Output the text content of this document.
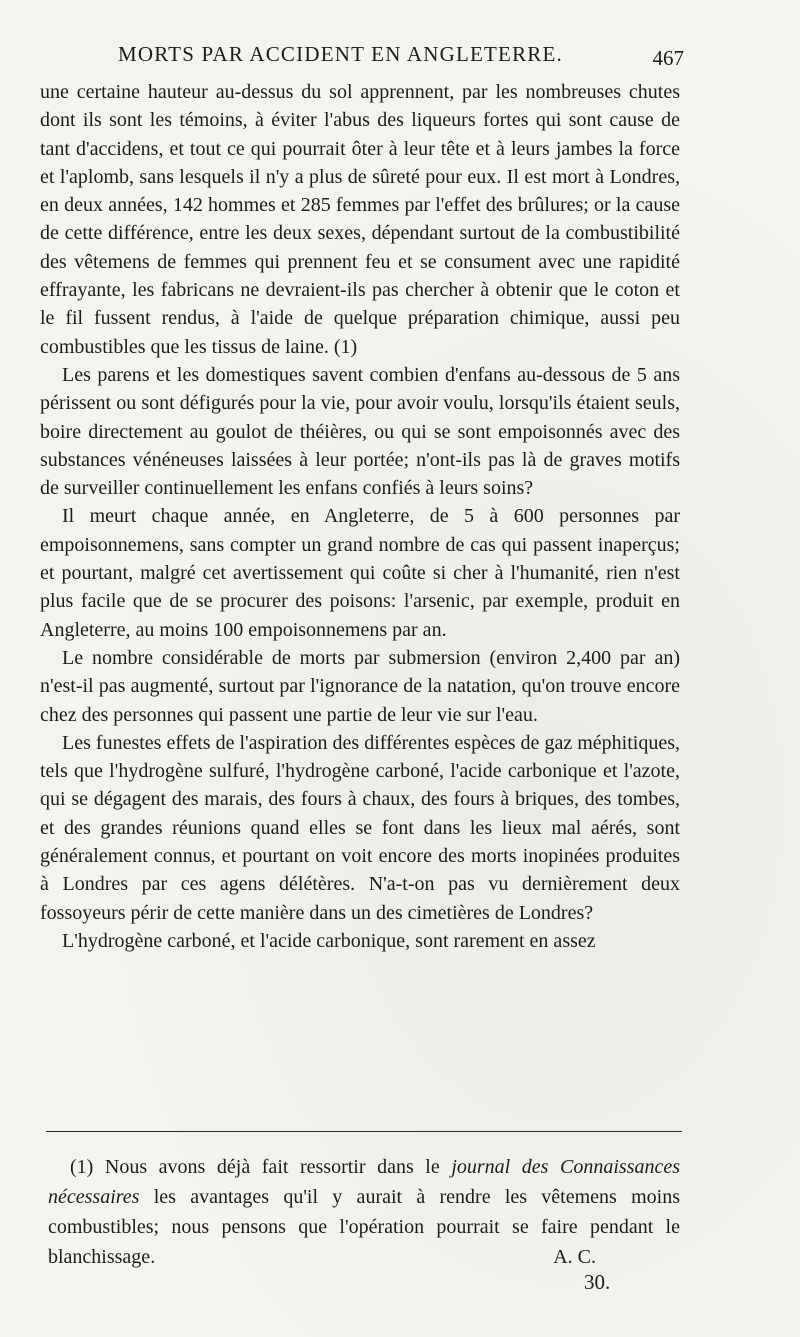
MORTS PAR ACCIDENT EN ANGLETERRE.	467

une certaine hauteur au-dessus du sol apprennent, par les nombreuses chutes dont ils sont les témoins, à éviter l'abus des liqueurs fortes qui sont cause de tant d'accidens, et tout ce qui pourrait ôter à leur tête et à leurs jambes la force et l'aplomb, sans lesquels il n'y a plus de sûreté pour eux. Il est mort à Londres, en deux années, 142 hommes et 285 femmes par l'effet des brûlures; or la cause de cette différence, entre les deux sexes, dépendant surtout de la combustibilité des vêtemens de femmes qui prennent feu et se consument avec une rapidité effrayante, les fabricans ne devraient-ils pas chercher à obtenir que le coton et le fil fussent rendus, à l'aide de quelque préparation chimique, aussi peu combustibles que les tissus de laine. (1)

Les parens et les domestiques savent combien d'enfans au-dessous de 5 ans périssent ou sont défigurés pour la vie, pour avoir voulu, lorsqu'ils étaient seuls, boire directement au goulot de théières, ou qui se sont empoisonnés avec des substances vénéneuses laissées à leur portée; n'ont-ils pas là de graves motifs de surveiller continuellement les enfans confiés à leurs soins?

Il meurt chaque année, en Angleterre, de 5 à 600 personnes par empoisonnemens, sans compter un grand nombre de cas qui passent inaperçus; et pourtant, malgré cet avertissement qui coûte si cher à l'humanité, rien n'est plus facile que de se procurer des poisons: l'arsenic, par exemple, produit en Angleterre, au moins 100 empoisonnemens par an.

Le nombre considérable de morts par submersion (environ 2,400 par an) n'est-il pas augmenté, surtout par l'ignorance de la natation, qu'on trouve encore chez des personnes qui passent une partie de leur vie sur l'eau.

Les funestes effets de l'aspiration des différentes espèces de gaz méphitiques, tels que l'hydrogène sulfuré, l'hydrogène carboné, l'acide carbonique et l'azote, qui se dégagent des marais, des fours à chaux, des fours à briques, des tombes, et des grandes réunions quand elles se font dans les lieux mal aérés, sont généralement connus, et pourtant on voit encore des morts inopinées produites à Londres par ces agens délétères. N'a-t-on pas vu dernièrement deux fossoyeurs périr de cette manière dans un des cimetières de Londres?

L'hydrogène carboné, et l'acide carbonique, sont rarement en assez

(1) Nous avons déjà fait ressortir dans le journal des Connaissances nécessaires les avantages qu'il y aurait à rendre les vêtemens moins combustibles; nous pensons que l'opération pourrait se faire pendant le blanchissage.	A. C.

30.
